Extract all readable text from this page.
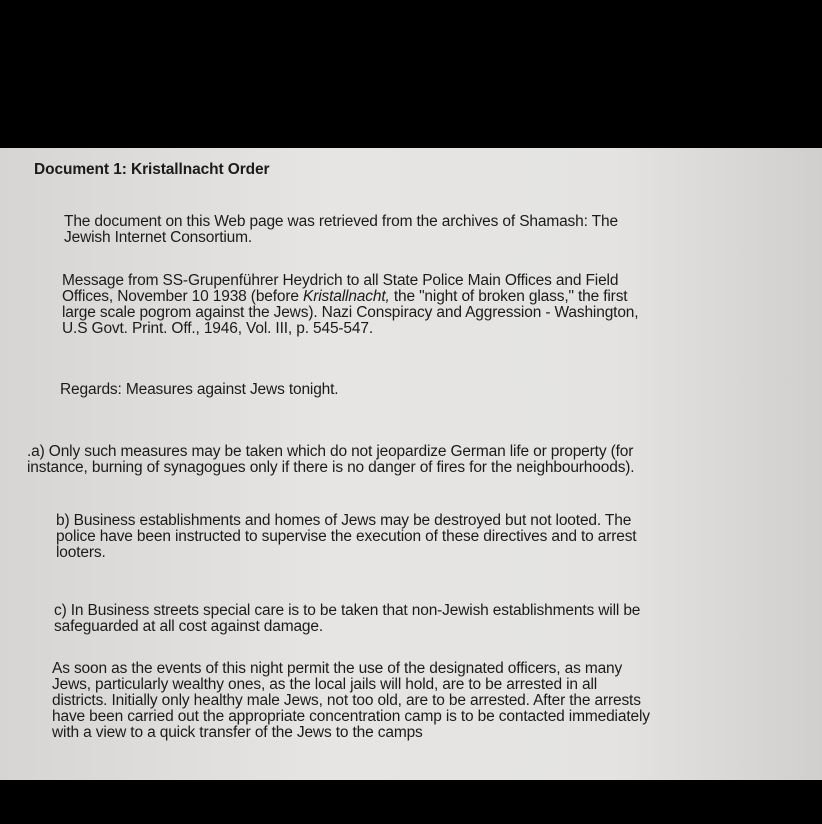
Document 1: Kristallnacht Order

The document on this Web page was retrieved from the archives of Shamash: The
Jewish Internet Consortium.

Message from SS-Grupenführer Heydrich to all State Police Main Offices and Field
Offices, November 10 1938 (before Kristallnacht, the "night of broken glass," the first
large scale pogrom against the Jews). Nazi Conspiracy and Aggression - Washington,
U.S Govt. Print. Off., 1946, Vol. III, p. 545-547.

Regards: Measures against Jews tonight.

.a) Only such measures may be taken which do not jeopardize German life or property (for
instance, burning of synagogues only if there is no danger of fires for the neighbourhoods).

b) Business establishments and homes of Jews may be destroyed but not looted. The
police have been instructed to supervise the execution of these directives and to arrest
looters.

c) In Business streets special care is to be taken that non-Jewish establishments will be
safeguarded at all cost against damage.

As soon as the events of this night permit the use of the designated officers, as many
Jews, particularly wealthy ones, as the local jails will hold, are to be arrested in all
districts. Initially only healthy male Jews, not too old, are to be arrested. After the arrests
have been carried out the appropriate concentration camp is to be contacted immediately
with a view to a quick transfer of the Jews to the camps
